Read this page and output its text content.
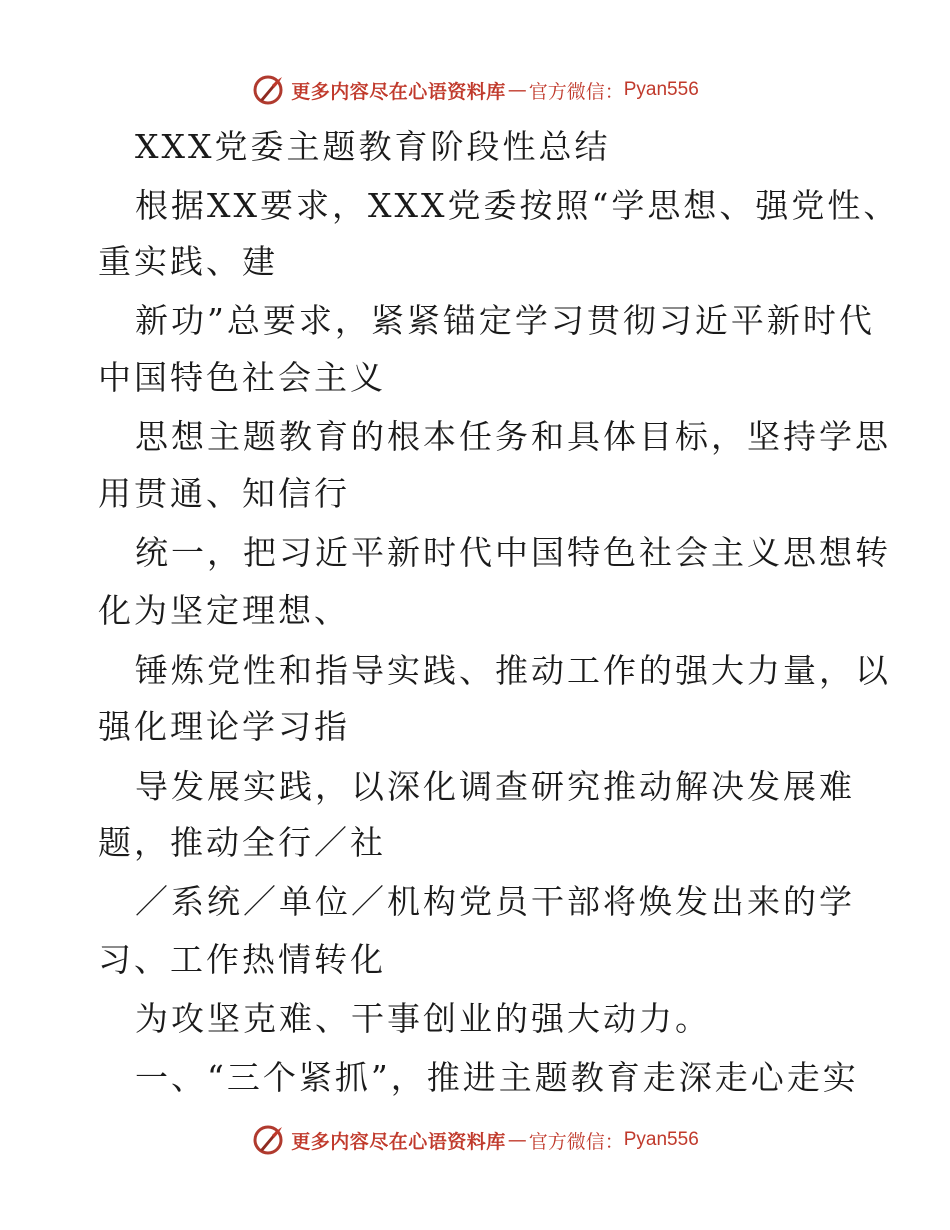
更多内容尽在心语资料库 — 官方微信： Pyan556
XXX党委主题教育阶段性总结
根据XX要求，XXX党委按照“学思想、强党性、
重实践、建
新功”总要求，紧紧锚定学习贯彻习近平新时代
中国特色社会主义
思想主题教育的根本任务和具体目标，坚持学思
用贯通、知信行
统一，把习近平新时代中国特色社会主义思想转
化为坚定理想、
锤炼党性和指导实践、推动工作的强大力量，以
强化理论学习指
导发展实践，以深化调查研究推动解决发展难
题，推动全行／社
／系统／单位／机构党员干部将焕发出来的学
习、工作热情转化
为攻坚克难、干事创业的强大动力。
一、“三个紧抓”，推进主题教育走深走心走实
更多内容尽在心语资料库 — 官方微信： Pyan556
